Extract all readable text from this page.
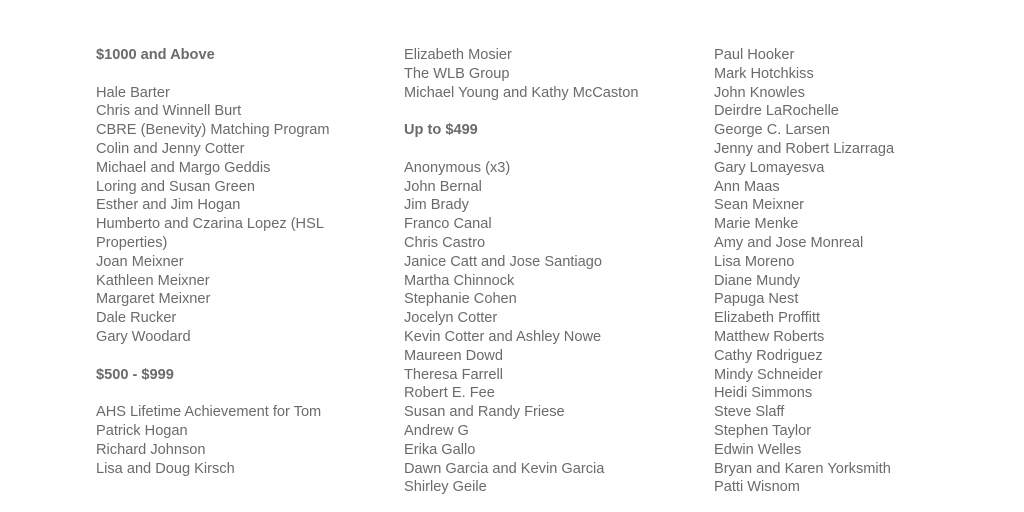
$1000 and Above
Hale Barter
Chris and Winnell Burt
CBRE (Benevity) Matching Program
Colin and Jenny Cotter
Michael and Margo Geddis
Loring and Susan Green
Esther and Jim Hogan
Humberto and Czarina Lopez (HSL Properties)
Joan Meixner
Kathleen Meixner
Margaret Meixner
Dale Rucker
Gary Woodard
$500 - $999
AHS Lifetime Achievement for Tom Patrick Hogan
Richard Johnson
Lisa and Doug Kirsch
Elizabeth Mosier
The WLB Group
Michael Young and Kathy McCaston
Up to $499
Anonymous (x3)
John Bernal
Jim Brady
Franco Canal
Chris Castro
Janice Catt and Jose Santiago
Martha Chinnock
Stephanie Cohen
Jocelyn Cotter
Kevin Cotter and Ashley Nowe
Maureen Dowd
Theresa Farrell
Robert E. Fee
Susan and Randy Friese
Andrew G
Erika Gallo
Dawn Garcia and Kevin Garcia
Shirley Geile
Paul Hooker
Mark Hotchkiss
John Knowles
Deirdre LaRochelle
George C. Larsen
Jenny and Robert Lizarraga
Gary Lomayesva
Ann Maas
Sean Meixner
Marie Menke
Amy and Jose Monreal
Lisa Moreno
Diane Mundy
Papuga Nest
Elizabeth Proffitt
Matthew Roberts
Cathy Rodriguez
Mindy Schneider
Heidi Simmons
Steve Slaff
Stephen Taylor
Edwin Welles
Bryan and Karen Yorksmith
Patti Wisnom
